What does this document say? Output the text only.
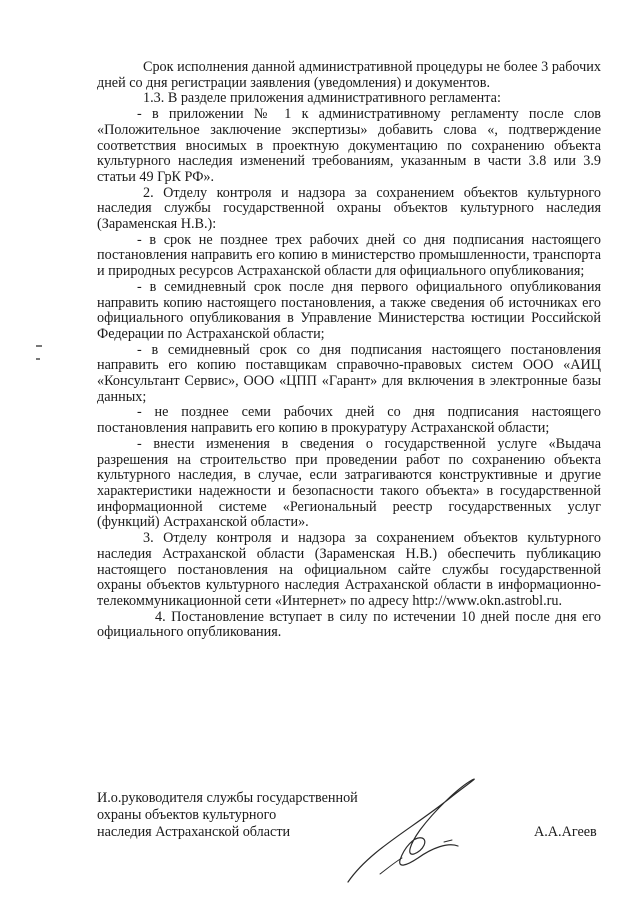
Срок исполнения данной административной процедуры не более 3 рабочих дней со дня регистрации заявления (уведомления) и документов.

1.3. В разделе приложения административного регламента:

- в приложении № 1 к административному регламенту после слов «Положительное заключение экспертизы» добавить слова «, подтверждение соответствия вносимых в проектную документацию по сохранению объекта культурного наследия изменений требованиям, указанным в части 3.8 или 3.9 статьи 49 ГрК РФ».

2. Отделу контроля и надзора за сохранением объектов культурного наследия службы государственной охраны объектов культурного наследия (Зараменская Н.В.):

- в срок не позднее трех рабочих дней со дня подписания настоящего постановления направить его копию в министерство промышленности, транспорта и природных ресурсов Астраханской области для официального опубликования;

- в семидневный срок после дня первого официального опубликования направить копию настоящего постановления, а также сведения об источниках его официального опубликования в Управление Министерства юстиции Российской Федерации по Астраханской области;

- в семидневный срок со дня подписания настоящего постановления направить его копию поставщикам справочно-правовых систем ООО «АИЦ «Консультант Сервис», ООО «ЦПП «Гарант» для включения в электронные базы данных;

- не позднее семи рабочих дней со дня подписания настоящего постановления направить его копию в прокуратуру Астраханской области;

- внести изменения в сведения о государственной услуге «Выдача разрешения на строительство при проведении работ по сохранению объекта культурного наследия, в случае, если затрагиваются конструктивные и другие характеристики надежности и безопасности такого объекта» в государственной информационной системе «Региональный реестр государственных услуг (функций) Астраханской области».

3. Отделу контроля и надзора за сохранением объектов культурного наследия Астраханской области (Зараменская Н.В.) обеспечить публикацию настоящего постановления на официальном сайте службы государственной охраны объектов культурного наследия Астраханской области в информационно-телекоммуникационной сети «Интернет» по адресу http://www.okn.astrobl.ru.

4. Постановление вступает в силу по истечении 10 дней после дня его официального опубликования.

И.о.руководителя службы государственной
охраны объектов культурного
наследия Астраханской области	А.А.Агеев
